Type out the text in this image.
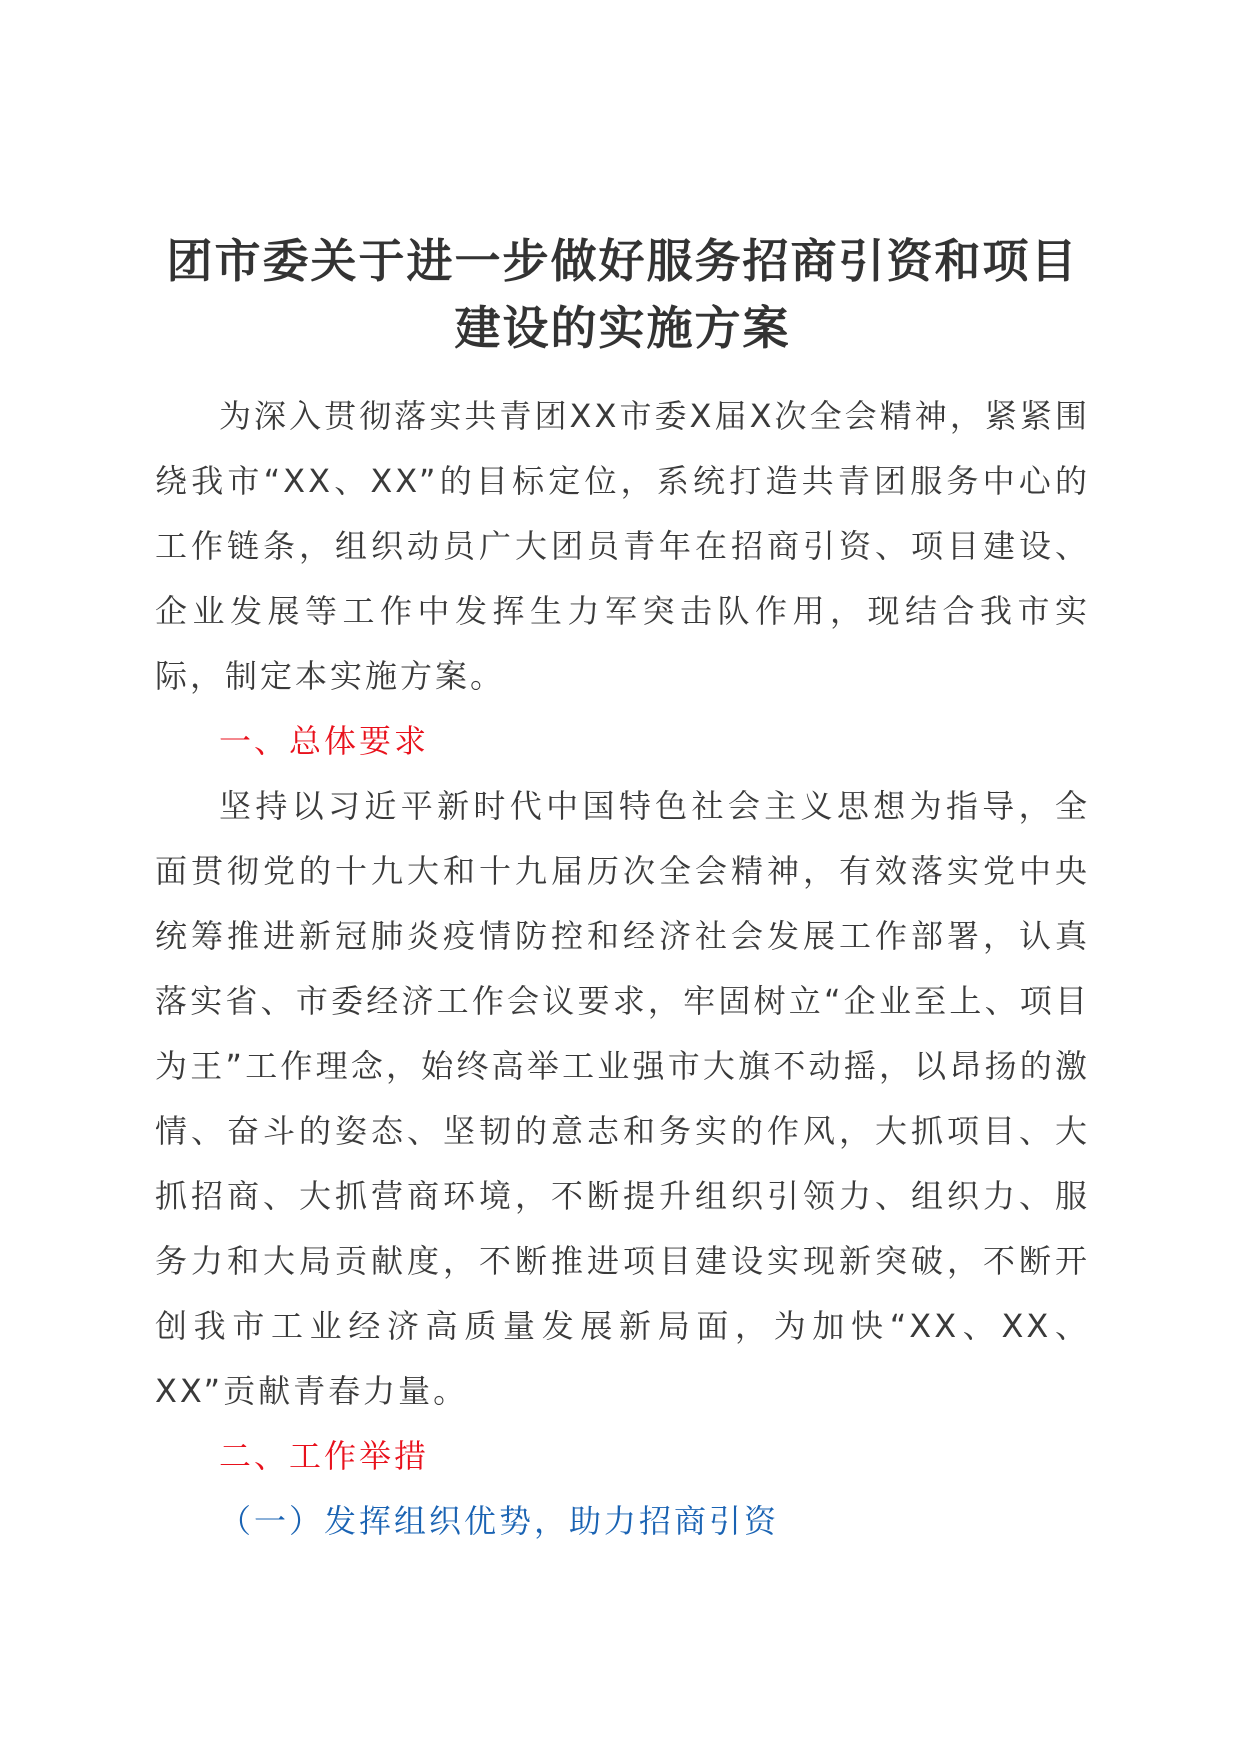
团市委关于进一步做好服务招商引资和项目建设的实施方案

为深入贯彻落实共青团XX市委X届X次全会精神，紧紧围绕我市“XX、XX”的目标定位，系统打造共青团服务中心的工作链条，组织动员广大团员青年在招商引资、项目建设、企业发展等工作中发挥生力军突击队作用，现结合我市实际，制定本实施方案。

一、总体要求

坚持以习近平新时代中国特色社会主义思想为指导，全面贯彻党的十九大和十九届历次全会精神，有效落实党中央统筹推进新冠肺炎疫情防控和经济社会发展工作部署，认真落实省、市委经济工作会议要求，牢固树立“企业至上、项目为王”工作理念，始终高举工业强市大旗不动摇，以昂扬的激情、奋斗的姿态、坚韧的意志和务实的作风，大抓项目、大抓招商、大抓营商环境，不断提升组织引领力、组织力、服务力和大局贡献度，不断推进项目建设实现新突破，不断开创我市工业经济高质量发展新局面，为加快“XX、XX、XX”贡献青春力量。

二、工作举措

（一）发挥组织优势，助力招商引资
